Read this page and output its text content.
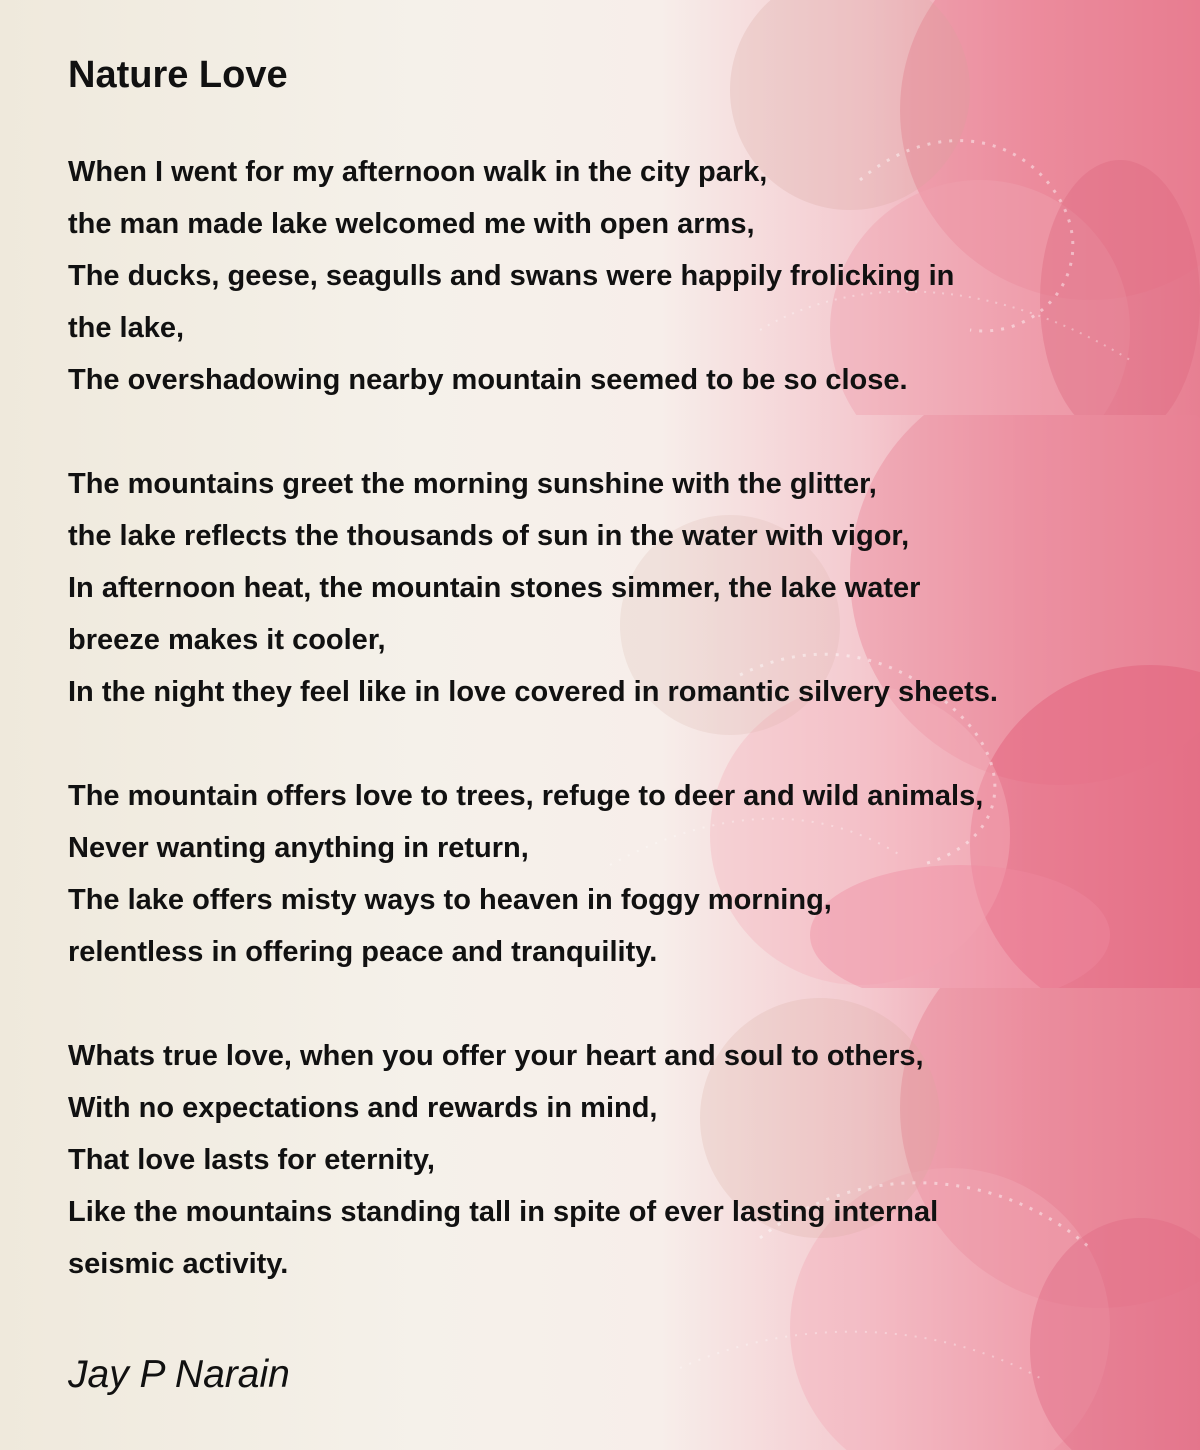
Nature Love
When I went for my afternoon walk in the city park,
the man made lake welcomed me with open arms,
The ducks, geese, seagulls and swans were happily frolicking in
the lake,
The overshadowing nearby mountain seemed to be so close.
The mountains greet the morning sunshine with the glitter,
the lake reflects the thousands of sun in the water with vigor,
In afternoon heat, the mountain stones simmer, the lake water
breeze makes it cooler,
In the night they feel like in love covered in romantic silvery sheets.
The mountain offers love to trees, refuge to deer and wild animals,
Never wanting anything in return,
The lake offers misty ways to heaven in foggy morning,
relentless in offering peace and tranquility.
Whats true love, when you offer your heart and soul to others,
With no expectations and rewards in mind,
That love lasts for eternity,
Like the mountains standing tall in spite of ever lasting internal
seismic activity.
Jay P Narain
